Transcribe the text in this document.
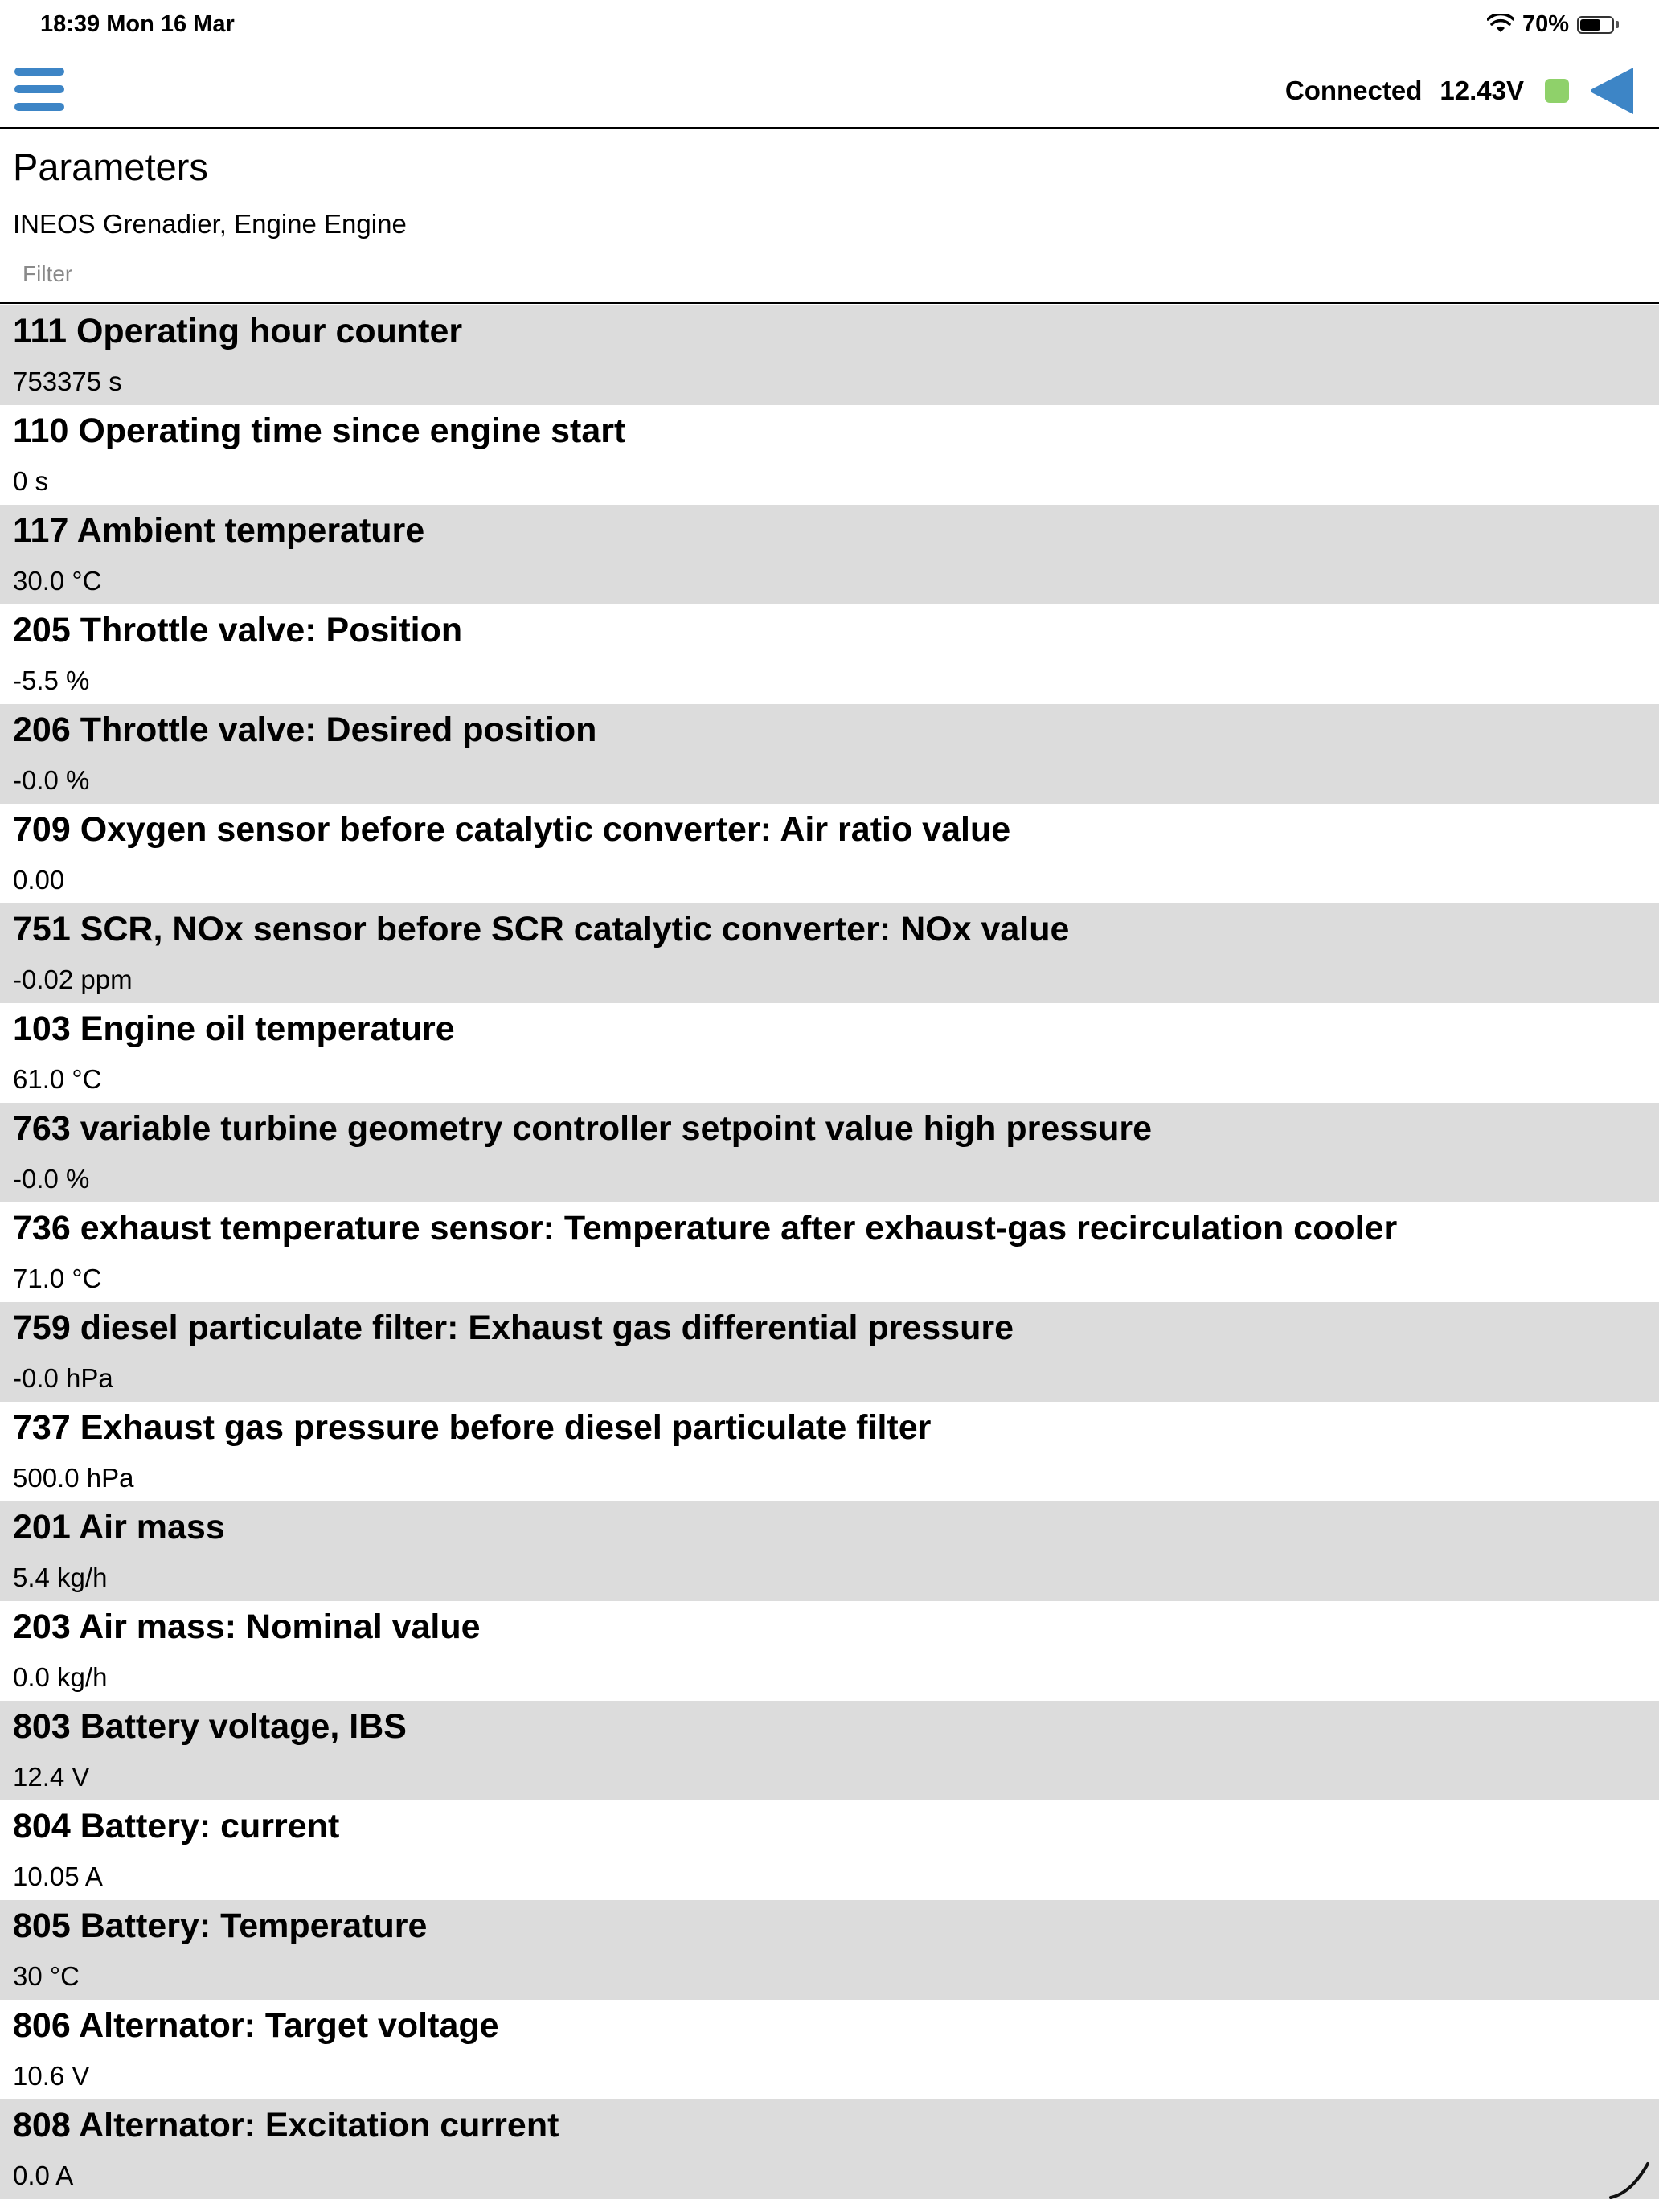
18:39 Mon 16 Mar	70%
Connected 12.43V
Parameters
INEOS Grenadier, Engine Engine
Filter
111 Operating hour counter
753375 s
110 Operating time since engine start
0 s
117 Ambient temperature
30.0 °C
205 Throttle valve: Position
-5.5 %
206 Throttle valve: Desired position
-0.0 %
709 Oxygen sensor before catalytic converter: Air ratio value
0.00
751 SCR, NOx sensor before SCR catalytic converter: NOx value
-0.02 ppm
103 Engine oil temperature
61.0 °C
763 variable turbine geometry controller setpoint value high pressure
-0.0 %
736 exhaust temperature sensor: Temperature after exhaust-gas recirculation cooler
71.0 °C
759 diesel particulate filter: Exhaust gas differential pressure
-0.0 hPa
737 Exhaust gas pressure before diesel particulate filter
500.0 hPa
201 Air mass
5.4 kg/h
203 Air mass: Nominal value
0.0 kg/h
803 Battery voltage, IBS
12.4 V
804 Battery: current
10.05 A
805 Battery: Temperature
30 °C
806 Alternator: Target voltage
10.6 V
808 Alternator: Excitation current
0.0 A
